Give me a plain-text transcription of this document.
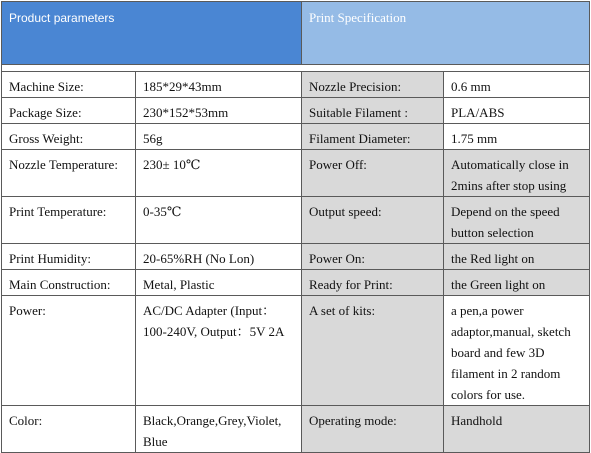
Product parameters		Print Specification	

Machine Size:	185*29*43mm	Nozzle Precision:	0.6 mm
Package Size:	230*152*53mm	Suitable Filament :	PLA/ABS
Gross Weight:	56g	Filament Diameter:	1.75 mm
Nozzle Temperature:	230± 10℃	Power Off:	Automatically close in 2mins after stop using
Print Temperature:	0-35℃	Output speed:	Depend on the speed button selection
Print Humidity:	20-65%RH (No Lon)	Power On:	the Red light on
Main Construction:	Metal, Plastic	Ready for Print:	the Green light on
Power:	AC/DC Adapter (Input：100-240V, Output：5V 2A	A set of kits:	a pen,a power adaptor,manual, sketch board and few 3D filament in 2 random colors for use.
Color:	Black,Orange,Grey,Violet, Blue	Operating mode:	Handhold
